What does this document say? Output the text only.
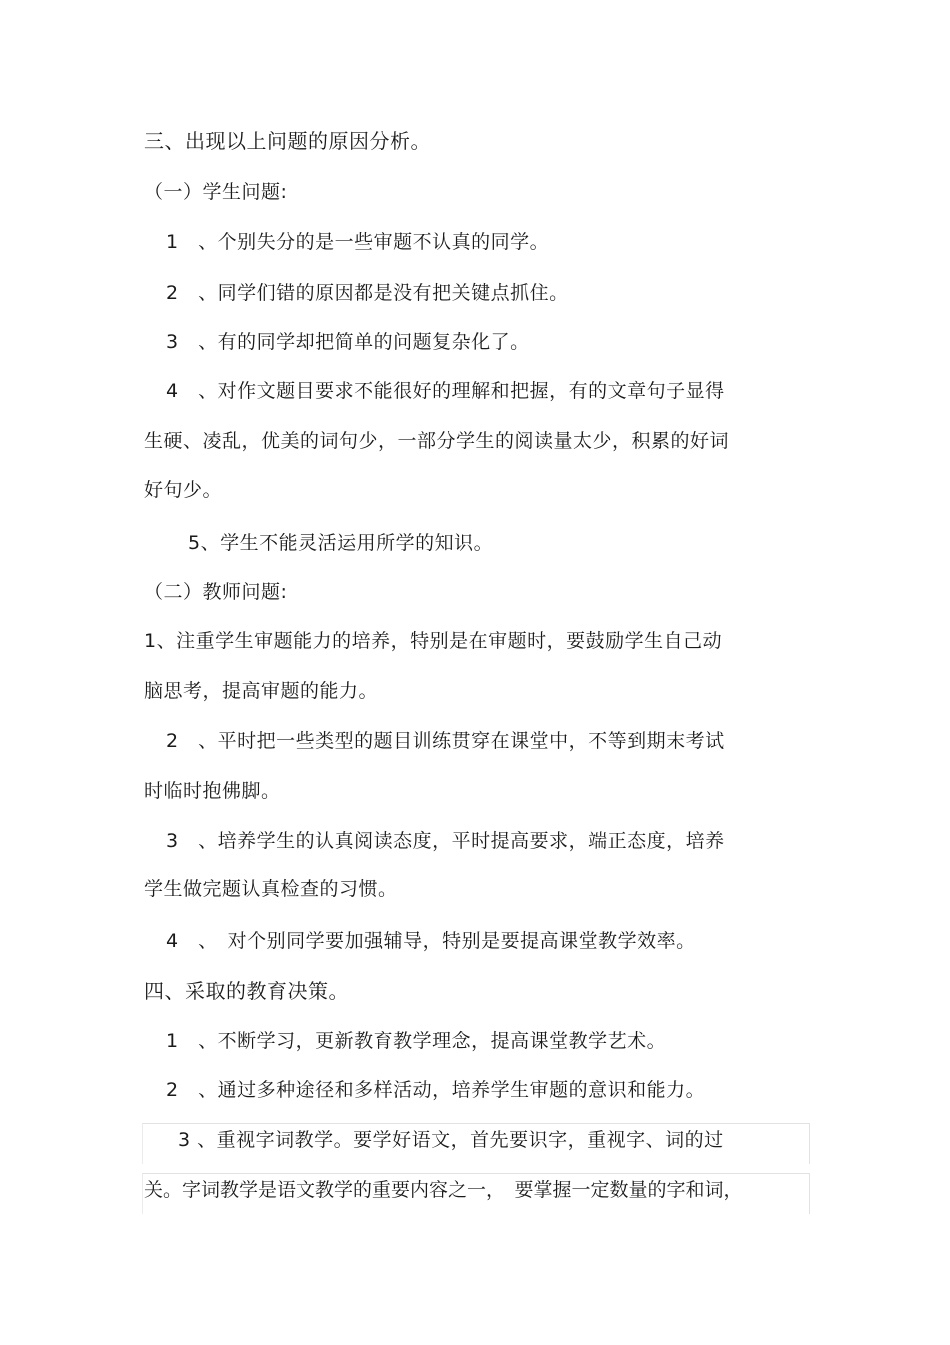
三、出现以上问题的原因分析。
（一）学生问题:
1　、个别失分的是一些审题不认真的同学。
2　、同学们错的原因都是没有把关键点抓住。
3　、有的同学却把简单的问题复杂化了。
4　、对作文题目要求不能很好的理解和把握，有的文章句子显得
生硬、凌乱，优美的词句少，一部分学生的阅读量太少，积累的好词
好句少。
5、学生不能灵活运用所学的知识。
（二）教师问题:
1、注重学生审题能力的培养，特别是在审题时，要鼓励学生自己动
脑思考，提高审题的能力。
2　、平时把一些类型的题目训练贯穿在课堂中，不等到期末考试
时临时抱佛脚。
3　、培养学生的认真阅读态度，平时提高要求，端正态度，培养
学生做完题认真检查的习惯。
4　、　对个别同学要加强辅导，特别是要提高课堂教学效率。
四、采取的教育决策。
1　、不断学习，更新教育教学理念，提高课堂教学艺术。
2　、通过多种途径和多样活动，培养学生审题的意识和能力。
3 、重视字词教学。要学好语文，首先要识字，重视字、词的过
关。字词教学是语文教学的重要内容之一，　要掌握一定数量的字和词，
